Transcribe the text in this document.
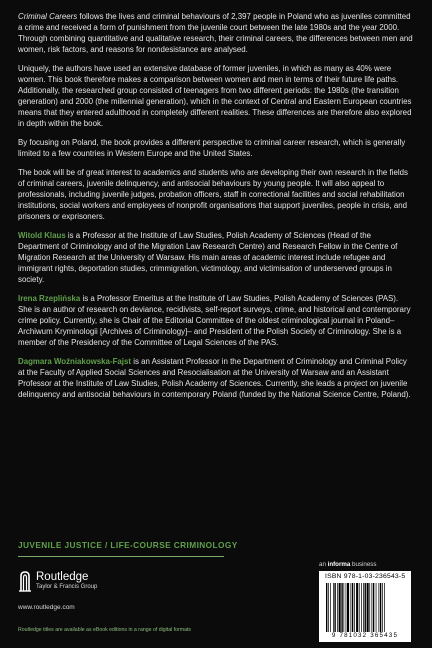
Criminal Careers follows the lives and criminal behaviours of 2,397 people in Poland who as juveniles committed a crime and received a form of punishment from the juvenile court between the late 1980s and the year 2000. Through combining quantitative and qualitative research, their criminal careers, the differences between men and women, risk factors, and reasons for nondesistance are analysed.

Uniquely, the authors have used an extensive database of former juveniles, in which as many as 40% were women. This book therefore makes a comparison between women and men in terms of their future life paths. Additionally, the researched group consisted of teenagers from two different periods: the 1980s (the transition generation) and 2000 (the millennial generation), which in the context of Central and Eastern European countries means that they entered adulthood in completely different realities. These differences are therefore also explored in depth within the book.

By focusing on Poland, the book provides a different perspective to criminal career research, which is generally limited to a few countries in Western Europe and the United States.

The book will be of great interest to academics and students who are developing their own research in the fields of criminal careers, juvenile delinquency, and antisocial behaviours by young people. It will also appeal to professionals, including juvenile judges, probation officers, staff in correctional facilities and social rehabilitation institutions, social workers and employees of nonprofit organisations that support juveniles, people in crisis, and prisoners or exprisoners.

Witold Klaus is a Professor at the Institute of Law Studies, Polish Academy of Sciences (Head of the Department of Criminology and of the Migration Law Research Centre) and Research Fellow in the Centre of Migration Research at the University of Warsaw. His main areas of academic interest include refugee and immigrant rights, deportation studies, crimmigration, victimology, and victimisation of underserved groups in society.

Irena Rzeplińska is a Professor Emeritus at the Institute of Law Studies, Polish Academy of Sciences (PAS). She is an author of research on deviance, recidivists, self-report surveys, crime, and historical and contemporary crime policy. Currently, she is Chair of the Editorial Committee of the oldest criminological journal in Poland–Archiwum Kryminologii [Archives of Criminology]– and President of the Polish Society of Criminology. She is a member of the Presidency of the Committee of Legal Sciences of the PAS.

Dagmara Woźniakowska-Fajst is an Assistant Professor in the Department of Criminology and Criminal Policy at the Faculty of Applied Social Sciences and Resocialisation at the University of Warsaw and an Assistant Professor at the Institute of Law Studies, Polish Academy of Sciences. Currently, she leads a project on juvenile delinquency and antisocial behaviours in contemporary Poland (funded by the National Science Centre, Poland).

JUVENILE JUSTICE / LIFE-COURSE CRIMINOLOGY
Routledge
Taylor & Francis Group
www.routledge.com
Routledge titles are available as eBook editions in a range of digital formats
an informa business
ISBN 978-1-03-236543-5
9 781032 365435
